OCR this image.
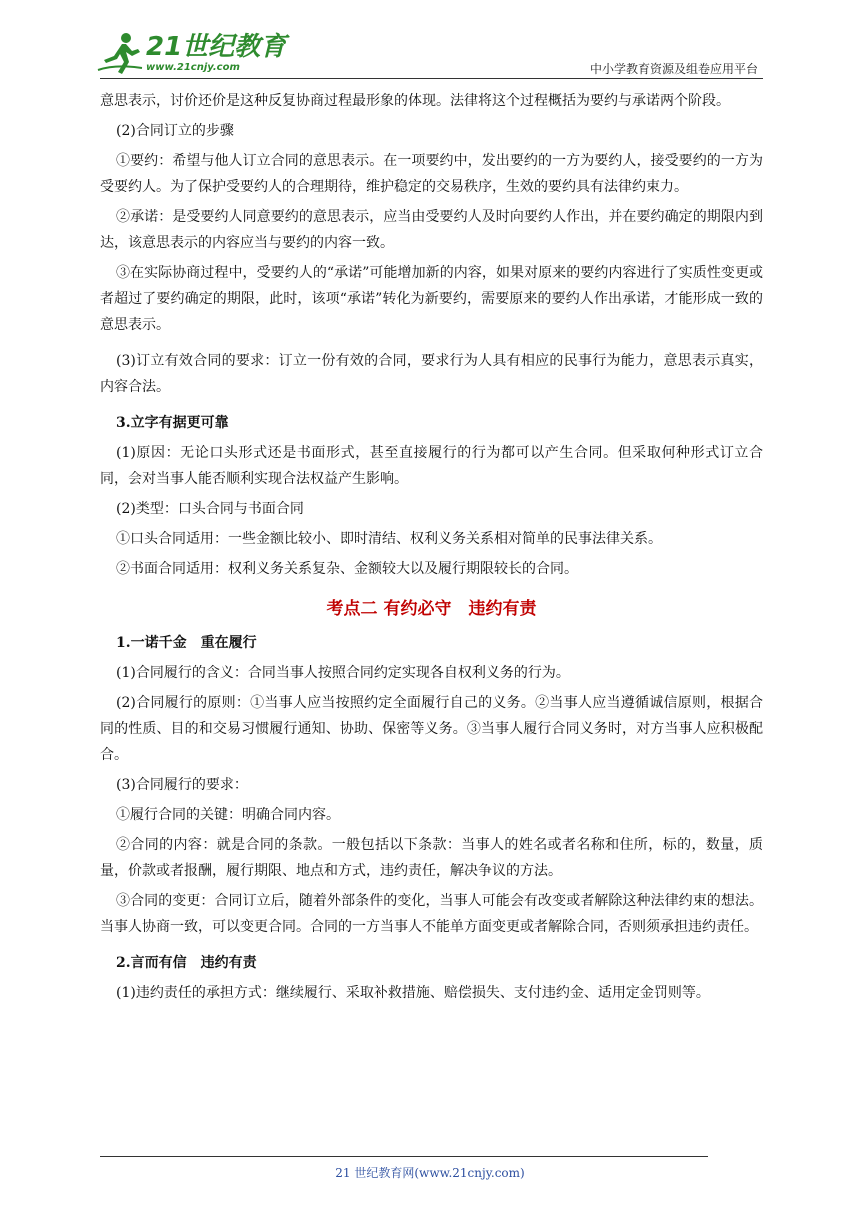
21世纪教育
www.21cnjy.com	中小学教育资源及组卷应用平台

意思表示，讨价还价是这种反复协商过程最形象的体现。法律将这个过程概括为要约与承诺两个阶段。

(2)合同订立的步骤

①要约：希望与他人订立合同的意思表示。在一项要约中，发出要约的一方为要约人，接受要约的一方为受要约人。为了保护受要约人的合理期待，维护稳定的交易秩序，生效的要约具有法律约束力。

②承诺：是受要约人同意要约的意思表示，应当由受要约人及时向要约人作出，并在要约确定的期限内到达，该意思表示的内容应当与要约的内容一致。

③在实际协商过程中，受要约人的“承诺”可能增加新的内容，如果对原来的要约内容进行了实质性变更或者超过了要约确定的期限，此时，该项“承诺”转化为新要约，需要原来的要约人作出承诺，才能形成一致的意思表示。

(3)订立有效合同的要求：订立一份有效的合同，要求行为人具有相应的民事行为能力，意思表示真实，内容合法。

3.立字有据更可靠

(1)原因：无论口头形式还是书面形式，甚至直接履行的行为都可以产生合同。但采取何种形式订立合同，会对当事人能否顺利实现合法权益产生影响。

(2)类型：口头合同与书面合同

①口头合同适用：一些金额比较小、即时清结、权利义务关系相对简单的民事法律关系。

②书面合同适用：权利义务关系复杂、金额较大以及履行期限较长的合同。

考点二 有约必守　违约有责

1.一诺千金　重在履行

(1)合同履行的含义：合同当事人按照合同约定实现各自权利义务的行为。

(2)合同履行的原则：①当事人应当按照约定全面履行自己的义务。②当事人应当遵循诚信原则，根据合同的性质、目的和交易习惯履行通知、协助、保密等义务。③当事人履行合同义务时，对方当事人应积极配合。

(3)合同履行的要求：

①履行合同的关键：明确合同内容。

②合同的内容：就是合同的条款。一般包括以下条款：当事人的姓名或者名称和住所，标的，数量，质量，价款或者报酬，履行期限、地点和方式，违约责任，解决争议的方法。

③合同的变更：合同订立后，随着外部条件的变化，当事人可能会有改变或者解除这种法律约束的想法。当事人协商一致，可以变更合同。合同的一方当事人不能单方面变更或者解除合同，否则须承担违约责任。

2.言而有信　违约有责

(1)违约责任的承担方式：继续履行、采取补救措施、赔偿损失、支付违约金、适用定金罚则等。

21 世纪教育网(www.21cnjy.com)
